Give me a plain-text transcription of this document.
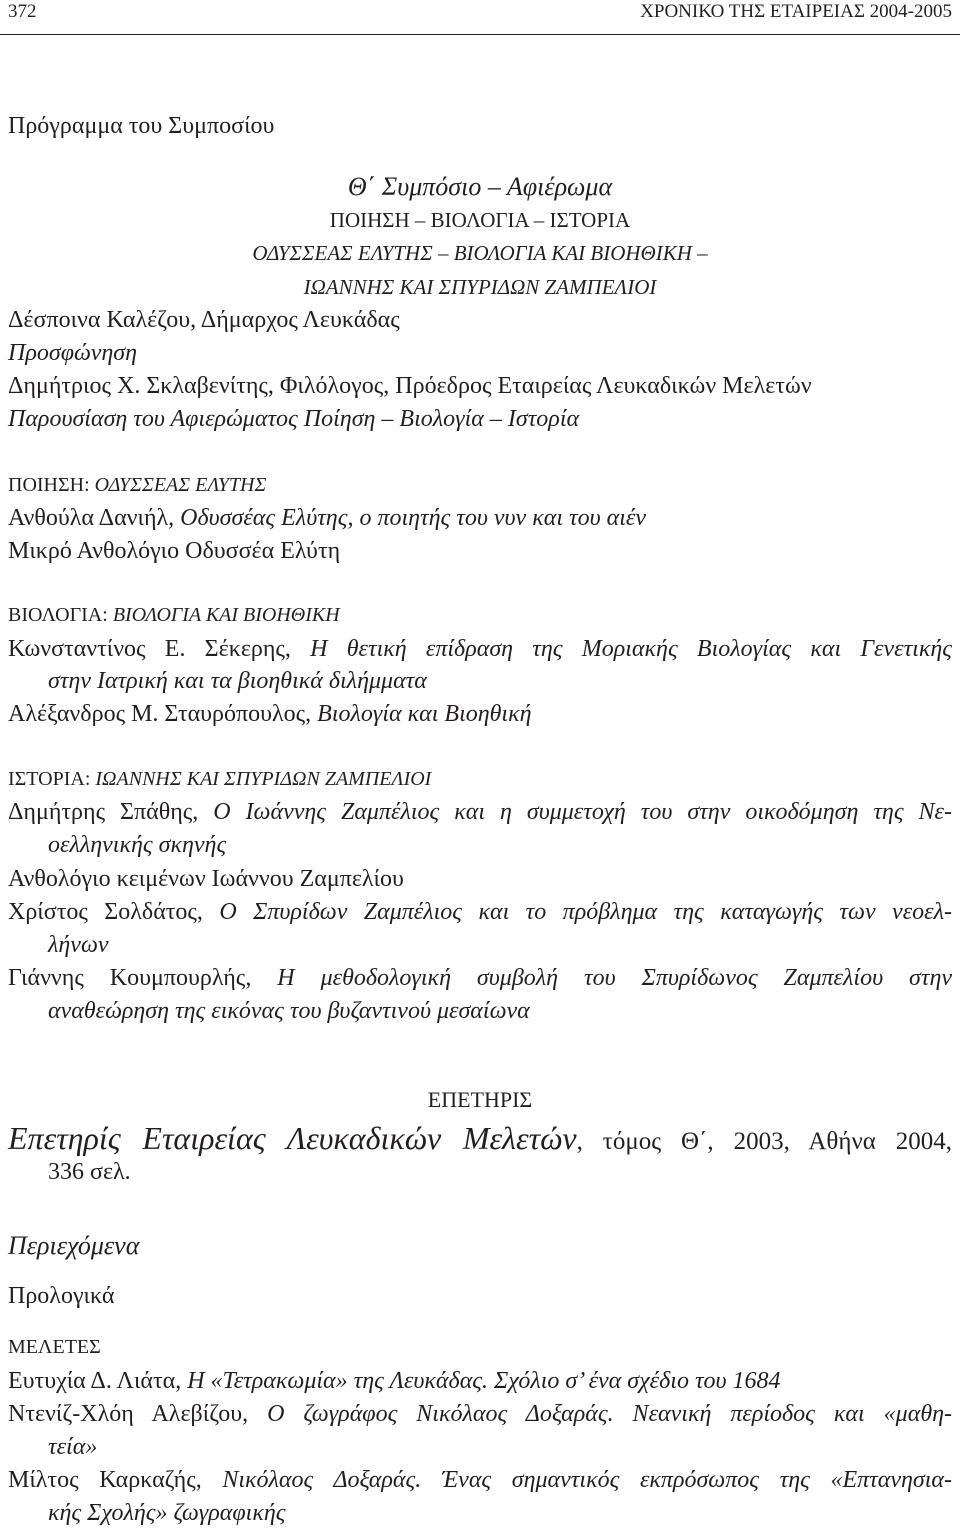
372	ΧΡΟΝΙΚΟ ΤΗΣ ΕΤΑΙΡΕΙΑΣ 2004-2005
Πρόγραμμα του Συμποσίου
Θ΄ Συμπόσιο – Αφιέρωμα
ΠΟΙΗΣΗ – ΒΙΟΛΟΓΙΑ – ΙΣΤΟΡΙΑ
ΟΔΥΣΣΕΑΣ ΕΛΥΤΗΣ – ΒΙΟΛΟΓΙΑ ΚΑΙ ΒΙΟΗΘΙΚΗ –
ΙΩΑΝΝΗΣ ΚΑΙ ΣΠΥΡΙΔΩΝ ΖΑΜΠΕΛΙΟΙ
Δέσποινα Καλέζου, Δήμαρχος Λευκάδας
Προσφώνηση
Δημήτριος Χ. Σκλαβενίτης, Φιλόλογος, Πρόεδρος Εταιρείας Λευκαδικών Μελετών
Παρουσίαση του Αφιερώματος Ποίηση – Βιολογία – Ιστορία
ΠΟΙΗΣΗ: ΟΔΥΣΣΕΑΣ ΕΛΥΤΗΣ
Ανθούλα Δανιήλ, Οδυσσέας Ελύτης, ο ποιητής του νυν και του αιέν
Μικρό Ανθολόγιο Οδυσσέα Ελύτη
ΒΙΟΛΟΓΙΑ: ΒΙΟΛΟΓΙΑ ΚΑΙ ΒΙΟΗΘΙΚΗ
Κωνσταντίνος Ε. Σέκερης, Η θετική επίδραση της Μοριακής Βιολογίας και Γενετικής
στην Ιατρική και τα βιοηθικά διλήμματα
Αλέξανδρος Μ. Σταυρόπουλος, Βιολογία και Βιοηθική
ΙΣΤΟΡΙΑ: ΙΩΑΝΝΗΣ ΚΑΙ ΣΠΥΡΙΔΩΝ ΖΑΜΠΕΛΙΟΙ
Δημήτρης Σπάθης, Ο Ιωάννης Ζαμπέλιος και η συμμετοχή του στην οικοδόμηση της Νε-
οελληνικής σκηνής
Ανθολόγιο κειμένων Ιωάννου Ζαμπελίου
Χρίστος Σολδάτος, Ο Σπυρίδων Ζαμπέλιος και το πρόβλημα της καταγωγής των νεοελ-
λήνων
Γιάννης Κουμπουρλής, Η μεθοδολογική συμβολή του Σπυρίδωνος Ζαμπελίου στην
αναθεώρηση της εικόνας του βυζαντινού μεσαίωνα
ΕΠΕΤΗΡΙΣ
Επετηρίς Εταιρείας Λευκαδικών Μελετών, τόμος Θ΄, 2003, Αθήνα 2004,
336 σελ.
Περιεχόμενα
Προλογικά
ΜΕΛΕΤΕΣ
Ευτυχία Δ. Λιάτα, Η «Τετρακωμία» της Λευκάδας. Σχόλιο σ’ ένα σχέδιο του 1684
Ντενίζ-Χλόη Αλεβίζου, Ο ζωγράφος Νικόλαος Δοξαράς. Νεανική περίοδος και «μαθη-
τεία»
Μίλτος Καρκαζής, Νικόλαος Δοξαράς. Ένας σημαντικός εκπρόσωπος της «Επτανησια-
κής Σχολής» ζωγραφικής
